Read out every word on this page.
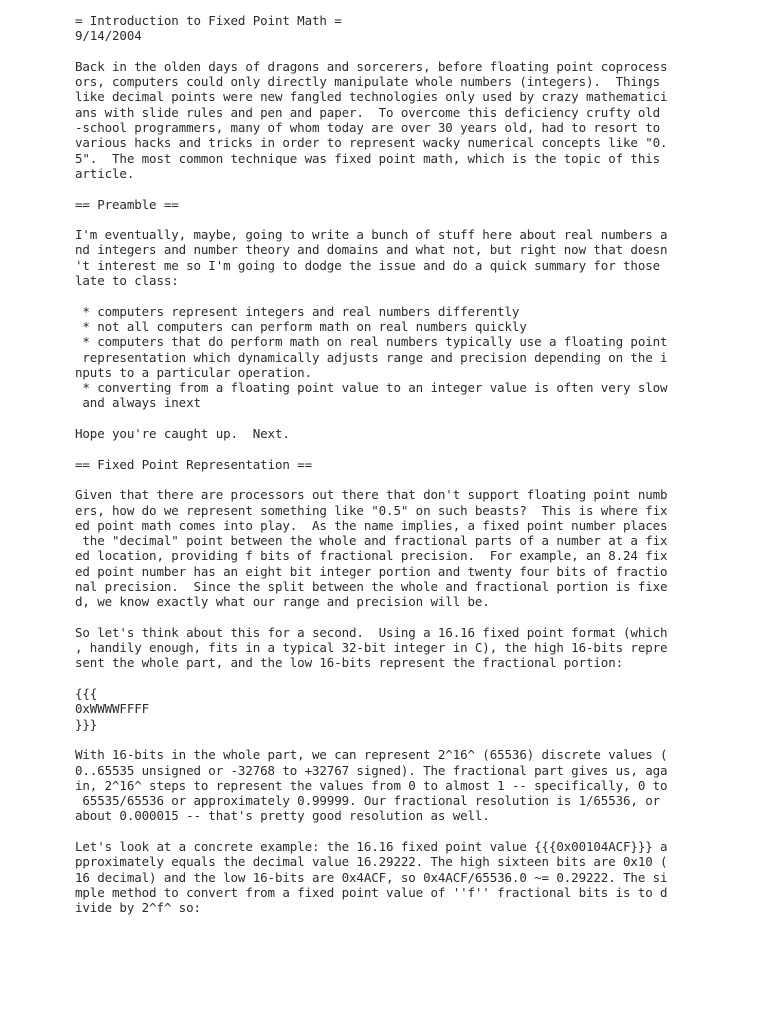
= Introduction to Fixed Point Math =
9/14/2004
Back in the olden days of dragons and sorcerers, before floating point coprocess
ors, computers could only directly manipulate whole numbers (integers).  Things
like decimal points were new fangled technologies only used by crazy mathematici
ans with slide rules and pen and paper.  To overcome this deficiency crufty old
-school programmers, many of whom today are over 30 years old, had to resort to
various hacks and tricks in order to represent wacky numerical concepts like "0.
5".  The most common technique was fixed point math, which is the topic of this
article.
== Preamble ==
I'm eventually, maybe, going to write a bunch of stuff here about real numbers a
nd integers and number theory and domains and what not, but right now that doesn
't interest me so I'm going to dodge the issue and do a quick summary for those
late to class:
* computers represent integers and real numbers differently
* not all computers can perform math on real numbers quickly
* computers that do perform math on real numbers typically use a floating point
representation which dynamically adjusts range and precision depending on the i
nputs to a particular operation.
* converting from a floating point value to an integer value is often very slow
and always inext
Hope you're caught up.  Next.
== Fixed Point Representation ==
Given that there are processors out there that don't support floating point numb
ers, how do we represent something like "0.5" on such beasts?  This is where fix
ed point math comes into play.  As the name implies, a fixed point number places
the "decimal" point between the whole and fractional parts of a number at a fix
ed location, providing f bits of fractional precision.  For example, an 8.24 fix
ed point number has an eight bit integer portion and twenty four bits of fractio
nal precision.  Since the split between the whole and fractional portion is fixe
d, we know exactly what our range and precision will be.
So let's think about this for a second.  Using a 16.16 fixed point format (which
, handily enough, fits in a typical 32-bit integer in C), the high 16-bits repre
sent the whole part, and the low 16-bits represent the fractional portion:
{{{
0xWWWWFFFF
}}}
With 16-bits in the whole part, we can represent 2^16^ (65536) discrete values (
0..65535 unsigned or -32768 to +32767 signed). The fractional part gives us, aga
in, 2^16^ steps to represent the values from 0 to almost 1 -- specifically, 0 to
65535/65536 or approximately 0.99999. Our fractional resolution is 1/65536, or
about 0.000015 -- that's pretty good resolution as well.
Let's look at a concrete example: the 16.16 fixed point value {{{0x00104ACF}}} a
pproximately equals the decimal value 16.29222. The high sixteen bits are 0x10 (
16 decimal) and the low 16-bits are 0x4ACF, so 0x4ACF/65536.0 ~= 0.29222. The si
mple method to convert from a fixed point value of ''f'' fractional bits is to d
ivide by 2^f^ so:
